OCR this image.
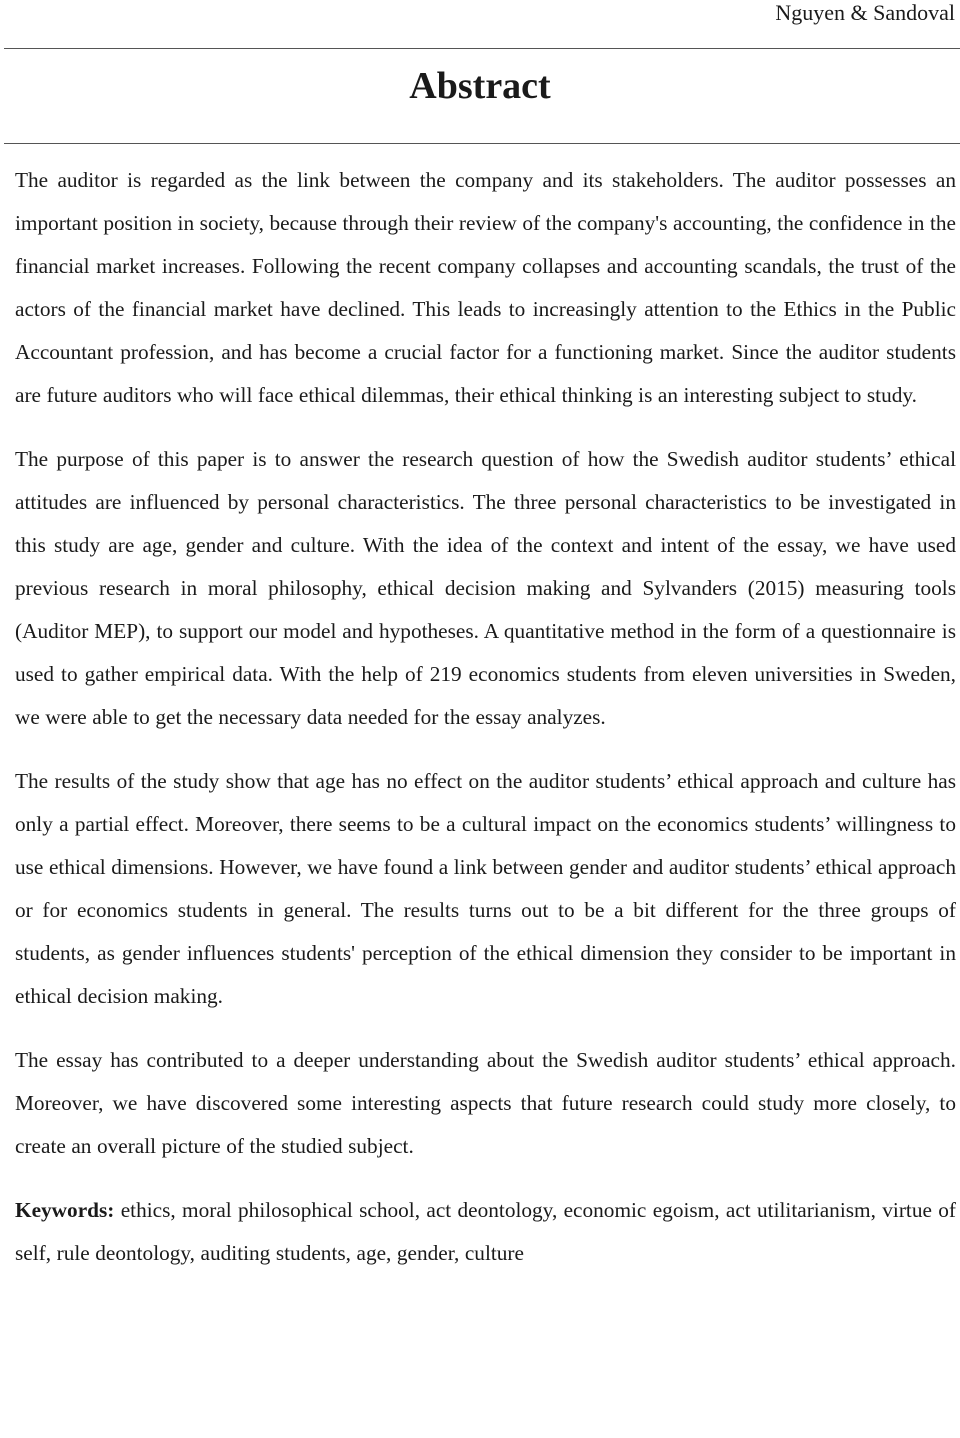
Nguyen & Sandoval
Abstract

The auditor is regarded as the link between the company and its stakeholders. The auditor possesses an important position in society, because through their review of the company's accounting, the confidence in the financial market increases. Following the recent company collapses and accounting scandals, the trust of the actors of the financial market have declined. This leads to increasingly attention to the Ethics in the Public Accountant profession, and has become a crucial factor for a functioning market. Since the auditor students are future auditors who will face ethical dilemmas, their ethical thinking is an interesting subject to study.

The purpose of this paper is to answer the research question of how the Swedish auditor students’ ethical attitudes are influenced by personal characteristics. The three personal characteristics to be investigated in this study are age, gender and culture. With the idea of the context and intent of the essay, we have used previous research in moral philosophy, ethical decision making and Sylvanders (2015) measuring tools (Auditor MEP), to support our model and hypotheses. A quantitative method in the form of a questionnaire is used to gather empirical data. With the help of 219 economics students from eleven universities in Sweden, we were able to get the necessary data needed for the essay analyzes.

The results of the study show that age has no effect on the auditor students’ ethical approach and culture has only a partial effect. Moreover, there seems to be a cultural impact on the economics students’ willingness to use ethical dimensions. However, we have found a link between gender and auditor students’ ethical approach or for economics students in general. The results turns out to be a bit different for the three groups of students, as gender influences students' perception of the ethical dimension they consider to be important in ethical decision making.

The essay has contributed to a deeper understanding about the Swedish auditor students’ ethical approach. Moreover, we have discovered some interesting aspects that future research could study more closely, to create an overall picture of the studied subject.

Keywords: ethics, moral philosophical school, act deontology, economic egoism, act utilitarianism, virtue of self, rule deontology, auditing students, age, gender, culture
